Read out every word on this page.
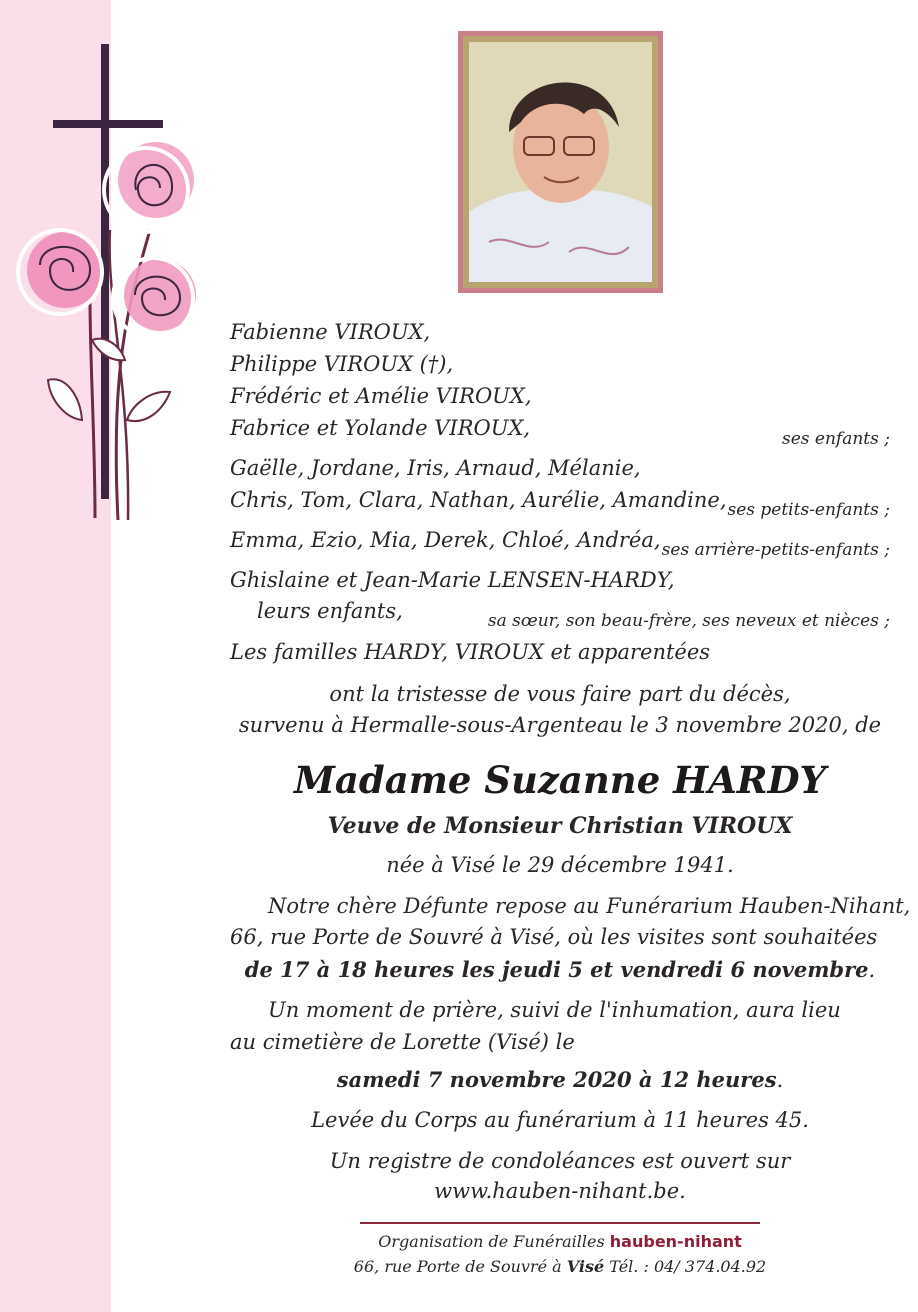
Fabienne VIROUX,
Philippe VIROUX (†),
Frédéric et Amélie VIROUX,
Fabrice et Yolande VIROUX,	ses enfants ;
Gaëlle, Jordane, Iris, Arnaud, Mélanie,
Chris, Tom, Clara, Nathan, Aurélie, Amandine, ses petits-enfants ;
Emma, Ezio, Mia, Derek, Chloé, Andréa, ses arrière-petits-enfants ;
Ghislaine et Jean-Marie LENSEN-HARDY,
leurs enfants,	sa sœur, son beau-frère, ses neveux et nièces ;
Les familles HARDY, VIROUX et apparentées
ont la tristesse de vous faire part du décès,
survenu à Hermalle-sous-Argenteau le 3 novembre 2020, de
Madame Suzanne HARDY
Veuve de Monsieur Christian VIROUX
née à Visé le 29 décembre 1941.
Notre chère Défunte repose au Funérarium Hauben-Nihant,
66, rue Porte de Souvré à Visé, où les visites sont souhaitées
de 17 à 18 heures les jeudi 5 et vendredi 6 novembre.
Un moment de prière, suivi de l'inhumation, aura lieu
au cimetière de Lorette (Visé) le
samedi 7 novembre 2020 à 12 heures.
Levée du Corps au funérarium à 11 heures 45.
Un registre de condoléances est ouvert sur
www.hauben-nihant.be.
Organisation de Funérailles hauben-nihant
66, rue Porte de Souvré à Visé Tél. : 04/ 374.04.92
